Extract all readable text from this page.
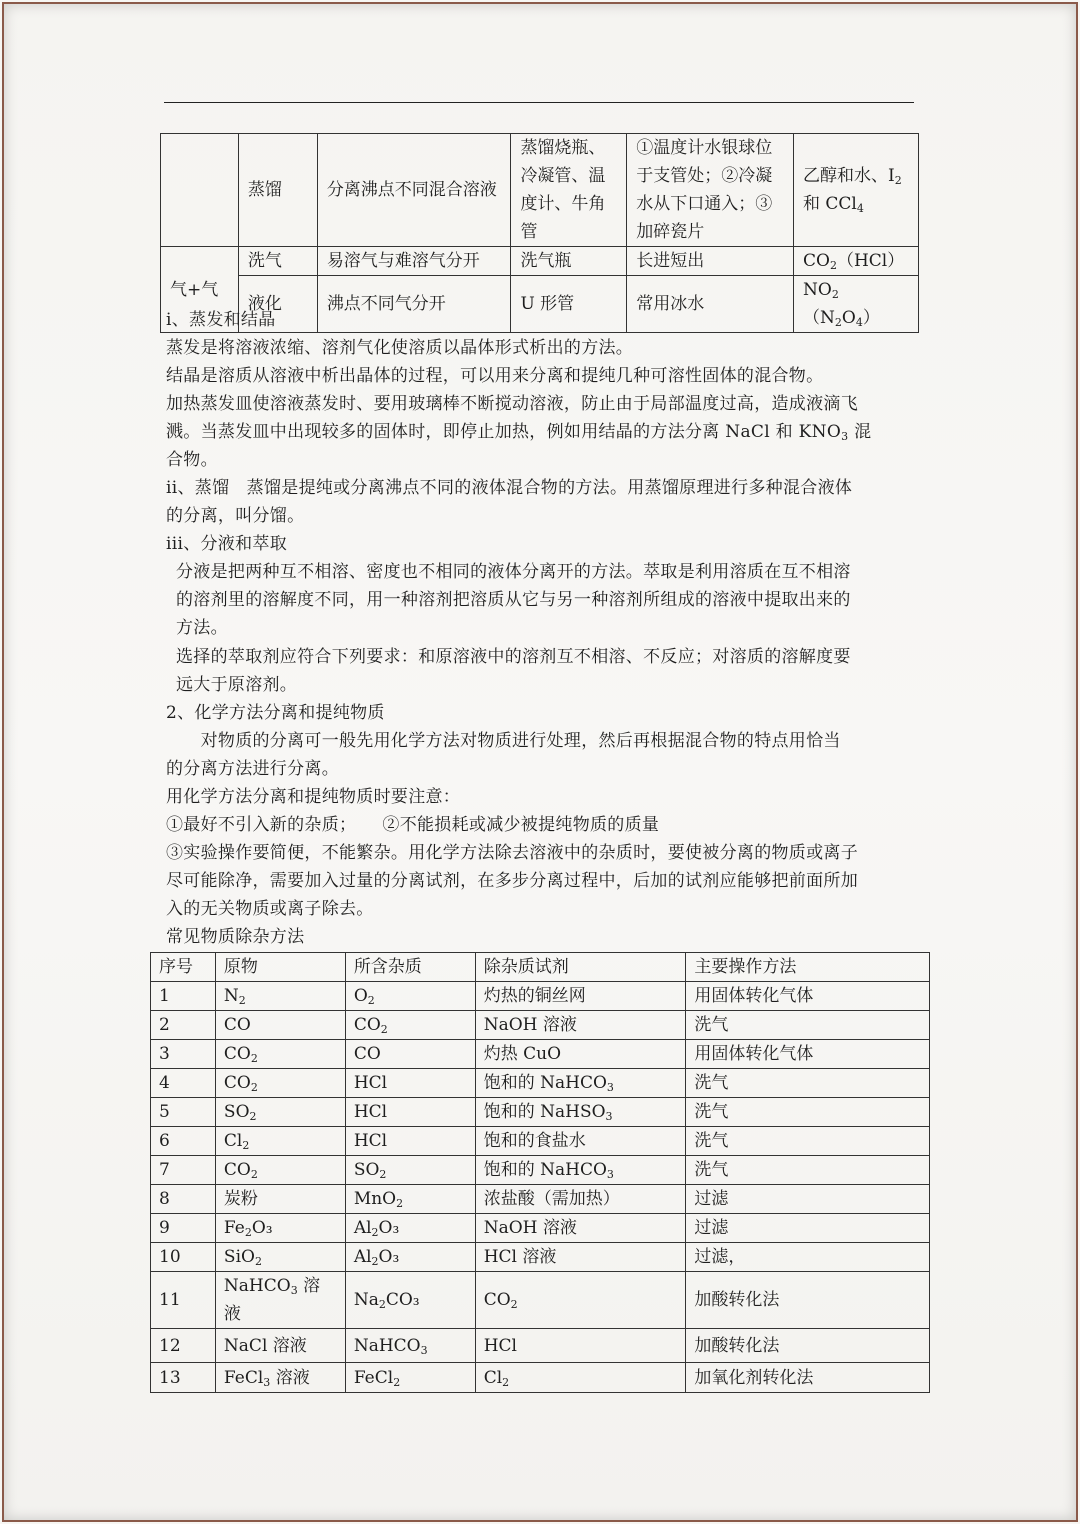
	蒸馏	分离沸点不同混合溶液	蒸馏烧瓶、冷凝管、温度计、牛角管	①温度计水银球位于支管处；②冷凝水从下口通入；③加碎瓷片	乙醇和水、$I_2$
和 CCl$_4$
气+气	洗气	易溶气与难溶气分开	洗气瓶	长进短出	$CO_2(HCl)$
	液化	沸点不同气分开	U 形管	常用冰水	$NO_2(N_2O_4)$

i、蒸发和结晶

蒸发是将溶液浓缩、溶剂气化使溶质以晶体形式析出的方法。

结晶是溶质从溶液中析出晶体的过程，可以用来分离和提纯几种可溶性固体的混合物。

加热蒸发皿使溶液蒸发时、要用玻璃棒不断搅动溶液，防止由于局部温度过高，造成液滴飞

溅。当蒸发皿中出现较多的固体时，即停止加热，例如用结晶的方法分离 NaCl 和 $KNO_3$ 混

合物。

ii、蒸馏　蒸馏是提纯或分离沸点不同的液体混合物的方法。用蒸馏原理进行多种混合液体

的分离，叫分馏。

iii、分液和萃取

分液是把两种互不相溶、密度也不相同的液体分离开的方法。萃取是利用溶质在互不相溶

的溶剂里的溶解度不同，用一种溶剂把溶质从它与另一种溶剂所组成的溶液中提取出来的

方法。

选择的萃取剂应符合下列要求：和原溶液中的溶剂互不相溶、不反应；对溶质的溶解度要

远大于原溶剂。

2、化学方法分离和提纯物质

　　对物质的分离可一般先用化学方法对物质进行处理，然后再根据混合物的特点用恰当

的分离方法进行分离。

用化学方法分离和提纯物质时要注意：

①最好不引入新的杂质；　　②不能损耗或减少被提纯物质的质量

③实验操作要简便，不能繁杂。用化学方法除去溶液中的杂质时，要使被分离的物质或离子

尽可能除净，需要加入过量的分离试剂，在多步分离过程中，后加的试剂应能够把前面所加

入的无关物质或离子除去。

常见物质除杂方法

序号	原物	所含杂质	除杂质试剂	主要操作方法
1	$N_2$	$O_2$	灼热的铜丝网	用固体转化气体
2	CO	$CO_2$	NaOH 溶液	洗气
3	$CO_2$	CO	灼热 CuO	用固体转化气体
4	$CO_2$	HCl	饱和的 NaHCO$_3$	洗气
5	$SO_2$	HCl	饱和的 NaHSO$_3$	洗气
6	$Cl_2$	HCl	饱和的食盐水	洗气
7	$CO_2$	$SO_2$	饱和的 NaHCO$_3$	洗气
8	炭粉	MnO$_2$	浓盐酸（需加热）	过滤
9	$Fe_2O_3$	$Al_2O_3$	NaOH 溶液	过滤
10	SiO$_2$	$Al_2O_3$	HCl 溶液	过滤，
11	NaHCO$_3$ 溶液	$Na_2CO_3$	$CO_2$	加酸转化法
12	NaCl 溶液	NaHCO$_3$	HCl	加酸转化法
13	FeCl$_3$ 溶液	FeCl$_2$	$Cl_2$	加氧化剂转化法
